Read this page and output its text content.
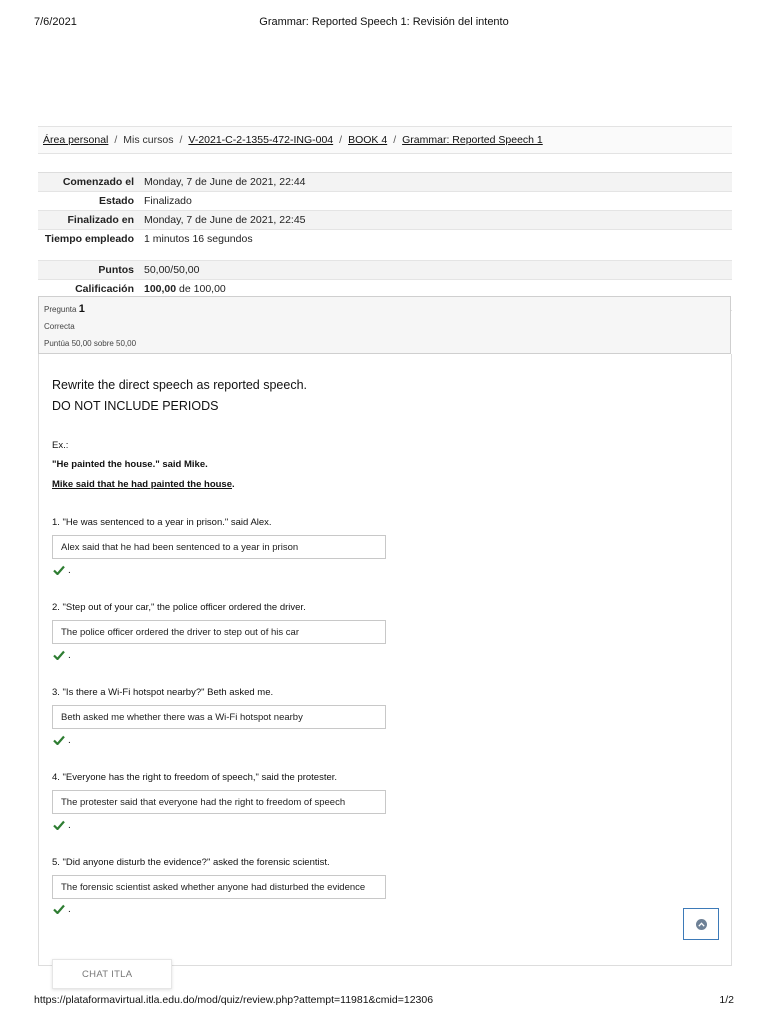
7/6/2021	Grammar: Reported Speech 1: Revisión del intento
Área personal / Mis cursos / V-2021-C-2-1355-472-ING-004 / BOOK 4 / Grammar: Reported Speech 1
Comenzado el Monday, 7 de June de 2021, 22:44
Estado Finalizado
Finalizado en Monday, 7 de June de 2021, 22:45
Tiempo empleado 1 minutos 16 segundos
Puntos 50,00/50,00
Calificación 100,00 de 100,00
Pregunta 1
Correcta
Puntúa 50,00 sobre 50,00
Rewrite the direct speech as reported speech.
DO NOT INCLUDE PERIODS
Ex.:
"He painted the house." said Mike.
Mike said that he had painted the house.
1. "He was sentenced to a year in prison." said Alex.
Alex said that he had been sentenced to a year in prison
.
2. "Step out of your car," the police officer ordered the driver.
The police officer ordered the driver to step out of his car
.
3. "Is there a Wi-Fi hotspot nearby?" Beth asked me.
Beth asked me whether there was a Wi-Fi hotspot nearby
.
4. "Everyone has the right to freedom of speech," said the protester.
The protester said that everyone had the right to freedom of speech
.
5. "Did anyone disturb the evidence?" asked the forensic scientist.
The forensic scientist asked whether anyone had disturbed the evidence
.
CHAT ITLA
https://plataformavirtual.itla.edu.do/mod/quiz/review.php?attempt=11981&cmid=12306	1/2
